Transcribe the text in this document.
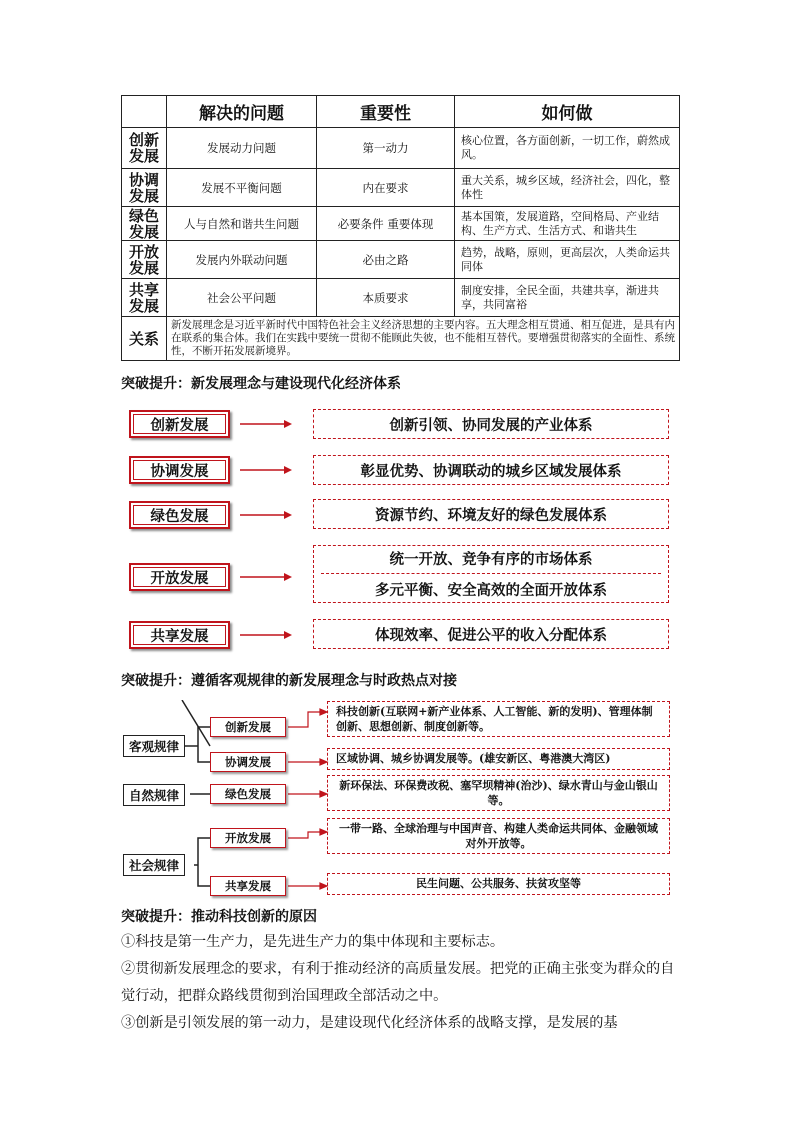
	解决的问题	重要性	如何做

创新
发展	发展动力问题	第一动力	核心位置，各方面创新，一切工作，蔚然成风。

协调
发展	发展不平衡问题	内在要求	重大关系，城乡区域，经济社会，四化，整体性

绿色
发展	人与自然和谐共生问题	必要条件 重要体现	基本国策，发展道路，空间格局、产业结构、生产方式、生活方式、和谐共生

开放
发展	发展内外联动问题	必由之路	趋势，战略，原则，更高层次，人类命运共同体

共享
发展	社会公平问题	本质要求	制度安排，全民全面，共建共享，渐进共享，共同富裕
关系	新发展理念是习近平新时代中国特色社会主义经济思想的主要内容。五大理念相互贯通、相互促进，是具有内在联系的集合体。我们在实践中要统一贯彻不能顾此失彼，也不能相互替代。要增强贯彻落实的全面性、系统性，不断开拓发展新境界。		
突破提升：新发展理念与建设现代化经济体系
创新发展	创新引领、协同发展的产业体系
协调发展	彰显优势、协调联动的城乡区域发展体系
绿色发展	资源节约、环境友好的绿色发展体系
开放发展
统一开放、竞争有序的市场体系
多元平衡、安全高效的全面开放体系
共享发展	体现效率、促进公平的收入分配体系
突破提升：遵循客观规律的新发展理念与时政热点对接
客观规律
自然规律
社会规律
创新发展
协调发展
绿色发展
开放发展
共享发展
科技创新(互联网+新产业体系、人工智能、新的发明)、管理体制创新、思想创新、制度创新等。
区域协调、城乡协调发展等。(雄安新区、粤港澳大湾区)
新环保法、环保费改税、塞罕坝精神(治沙)、绿水青山与金山银山等。
一带一路、全球治理与中国声音、构建人类命运共同体、金融领域对外开放等。
民生问题、公共服务、扶贫攻坚等
突破提升：推动科技创新的原因

①科技是第一生产力，是先进生产力的集中体现和主要标志。

②贯彻新发展理念的要求，有利于推动经济的高质量发展。把党的正确主张变为群众的自觉行动，把群众路线贯彻到治国理政全部活动之中。

③创新是引领发展的第一动力，是建设现代化经济体系的战略支撑，是发展的基
